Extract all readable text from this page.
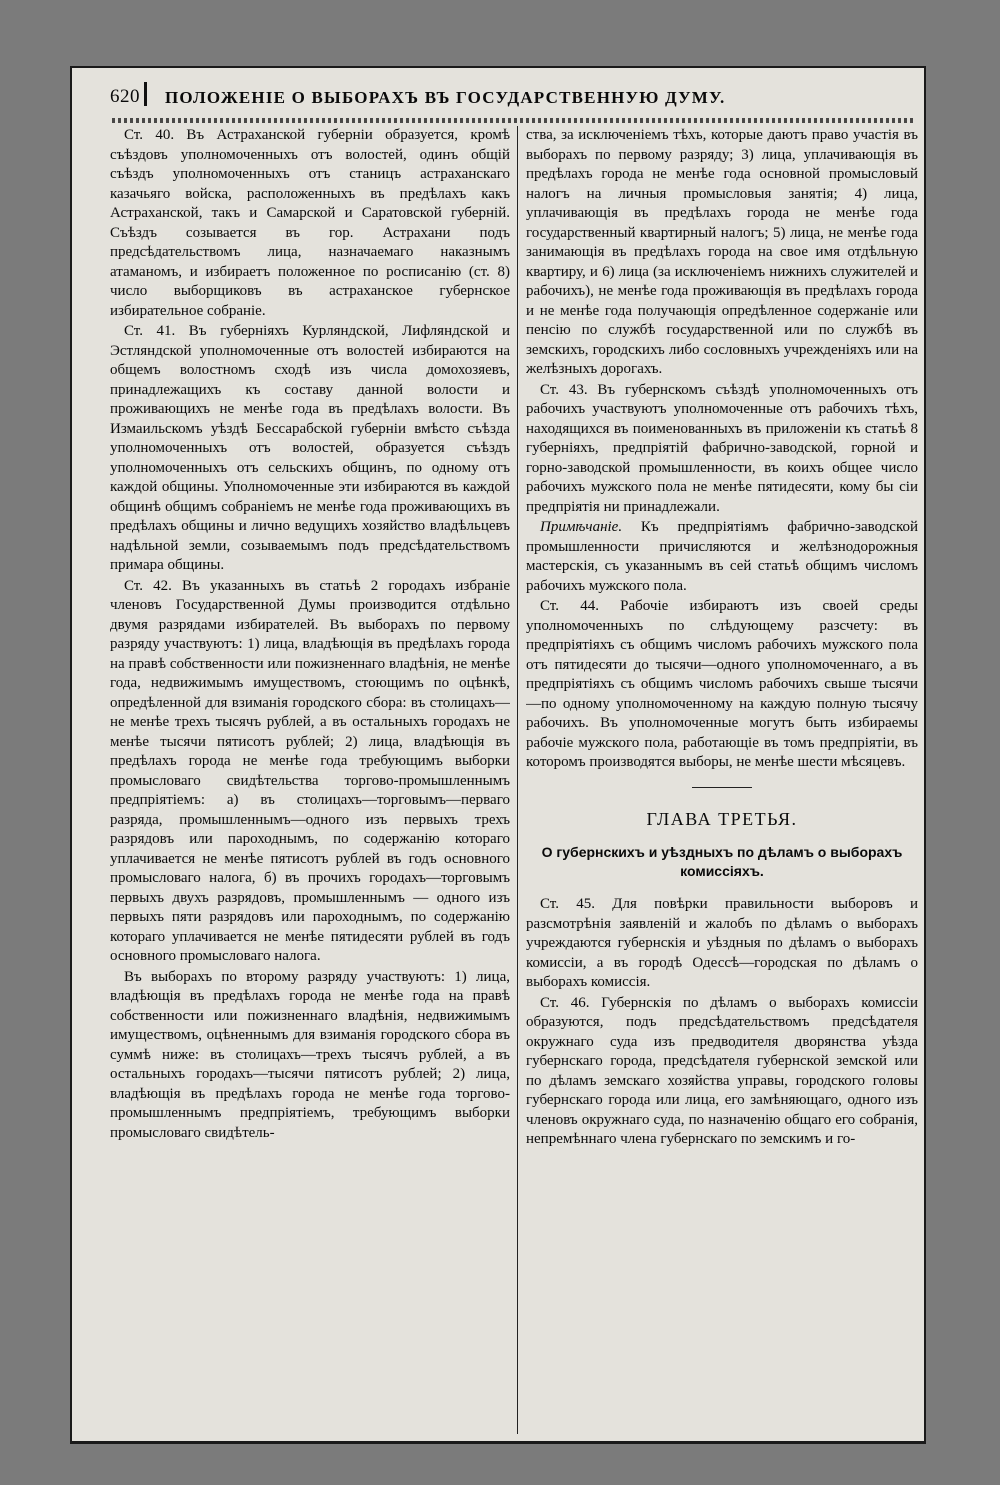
620 ПОЛОЖЕНІЕ О ВЫБОРАХЪ ВЪ ГОСУДАРСТВЕННУЮ ДУМУ.

Ст. 40. Въ Астраханской губерніи образуется, кромѣ съѣздовъ уполномоченныхъ отъ волостей, одинъ общій съѣздъ уполномоченныхъ отъ станицъ астраханскаго казачьяго войска, расположенныхъ въ предѣлахъ какъ Астраханской, такъ и Самарской и Саратовской губерній. Съѣздъ созывается въ гор. Астрахани подъ предсѣдательствомъ лица, назначаемаго наказнымъ атаманомъ, и избираетъ положенное по росписанію (ст. 8) число выборщиковъ въ астраханское губернское избирательное собраніе.

Ст. 41. Въ губерніяхъ Курляндской, Лифляндской и Эстляндской уполномоченные отъ волостей избираются на общемъ волостномъ сходѣ изъ числа домохозяевъ, принадлежащихъ къ составу данной волости и проживающихъ не менѣе года въ предѣлахъ волости. Въ Измаильскомъ уѣздѣ Бессарабской губерніи вмѣсто съѣзда уполномоченныхъ отъ волостей, образуется съѣздъ уполномоченныхъ отъ сельскихъ общинъ, по одному отъ каждой общины. Уполномоченные эти избираются въ каждой общинѣ общимъ собраніемъ не менѣе года проживающихъ въ предѣлахъ общины и лично ведущихъ хозяйство владѣльцевъ надѣльной земли, созываемымъ подъ предсѣдательствомъ примара общины.

Ст. 42. Въ указанныхъ въ статьѣ 2 городахъ избраніе членовъ Государственной Думы производится отдѣльно двумя разрядами избирателей. Въ выборахъ по первому разряду участвуютъ: 1) лица, владѣющія въ предѣлахъ города на правѣ собственности или пожизненнаго владѣнія, не менѣе года, недвижимымъ имуществомъ, стоющимъ по оцѣнкѣ, опредѣленной для взиманія городского сбора: въ столицахъ—не менѣе трехъ тысячъ рублей, а въ остальныхъ городахъ не менѣе тысячи пятисотъ рублей; 2) лица, владѣющія въ предѣлахъ города не менѣе года требующимъ выборки промысловаго свидѣтельства торгово-промышленнымъ предпріятіемъ: а) въ столицахъ—торговымъ—перваго разряда, промышленнымъ—одного изъ первыхъ трехъ разрядовъ или пароходнымъ, по содержанію котораго уплачивается не менѣе пятисотъ рублей въ годъ основного промысловаго налога, б) въ прочихъ городахъ—торговымъ первыхъ двухъ разрядовъ, промышленнымъ — одного изъ первыхъ пяти разрядовъ или пароходнымъ, по содержанію котораго уплачивается не менѣе пятидесяти рублей въ годъ основного промысловаго налога.

Въ выборахъ по второму разряду участвуютъ: 1) лица, владѣющія въ предѣлахъ города не менѣе года на правѣ собственности или пожизненнаго владѣнія, недвижимымъ имуществомъ, оцѣненнымъ для взиманія городского сбора въ суммѣ ниже: въ столицахъ—трехъ тысячъ рублей, а въ остальныхъ городахъ—тысячи пятисотъ рублей; 2) лица, владѣющія въ предѣлахъ города не менѣе года торгово-промышленнымъ предпріятіемъ, требующимъ выборки промысловаго свидѣтель-

ства, за исключеніемъ тѣхъ, которые даютъ право участія въ выборахъ по первому разряду; 3) лица, уплачивающія въ предѣлахъ города не менѣе года основной промысловый налогъ на личныя промысловыя занятія; 4) лица, уплачивающія въ предѣлахъ города не менѣе года государственный квартирный налогъ; 5) лица, не менѣе года занимающія въ предѣлахъ города на свое имя отдѣльную квартиру, и 6) лица (за исключеніемъ нижнихъ служителей и рабочихъ), не менѣе года проживающія въ предѣлахъ города и не менѣе года получающія опредѣленное содержаніе или пенсію по службѣ государственной или по службѣ въ земскихъ, городскихъ либо сословныхъ учрежденіяхъ или на желѣзныхъ дорогахъ.

Ст. 43. Въ губернскомъ съѣздѣ уполномоченныхъ отъ рабочихъ участвуютъ уполномоченные отъ рабочихъ тѣхъ, находящихся въ поименованныхъ въ приложеніи къ статьѣ 8 губерніяхъ, предпріятій фабрично-заводской, горной и горно-заводской промышленности, въ коихъ общее число рабочихъ мужского пола не менѣе пятидесяти, кому бы сіи предпріятія ни принадлежали.

Примѣчаніе. Къ предпріятіямъ фабрично-заводской промышленности причисляются и желѣзнодорожныя мастерскія, съ указаннымъ въ сей статьѣ общимъ числомъ рабочихъ мужского пола.

Ст. 44. Рабочіе избираютъ изъ своей среды уполномоченныхъ по слѣдующему разсчету: въ предпріятіяхъ съ общимъ числомъ рабочихъ мужского пола отъ пятидесяти до тысячи—одного уполномоченнаго, а въ предпріятіяхъ съ общимъ числомъ рабочихъ свыше тысячи—по одному уполномоченному на каждую полную тысячу рабочихъ. Въ уполномоченные могутъ быть избираемы рабочіе мужского пола, работающіе въ томъ предпріятіи, въ которомъ производятся выборы, не менѣе шести мѣсяцевъ.

ГЛАВА ТРЕТЬЯ.
О губернскихъ и уѣздныхъ по дѣламъ о выборахъ комиссіяхъ.

Ст. 45. Для повѣрки правильности выборовъ и разсмотрѣнія заявленій и жалобъ по дѣламъ о выборахъ учреждаются губернскія и уѣздныя по дѣламъ о выборахъ комиссіи, а въ городѣ Одессѣ—городская по дѣламъ о выборахъ комиссія.

Ст. 46. Губернскія по дѣламъ о выборахъ комиссіи образуются, подъ предсѣдательствомъ предсѣдателя окружнаго суда изъ предводителя дворянства уѣзда губернскаго города, предсѣдателя губернской земской или по дѣламъ земскаго хозяйства управы, городского головы губернскаго города или лица, его замѣняющаго, одного изъ членовъ окружнаго суда, по назначенію общаго его собранія, непремѣннаго члена губернскаго по земскимъ и го-
